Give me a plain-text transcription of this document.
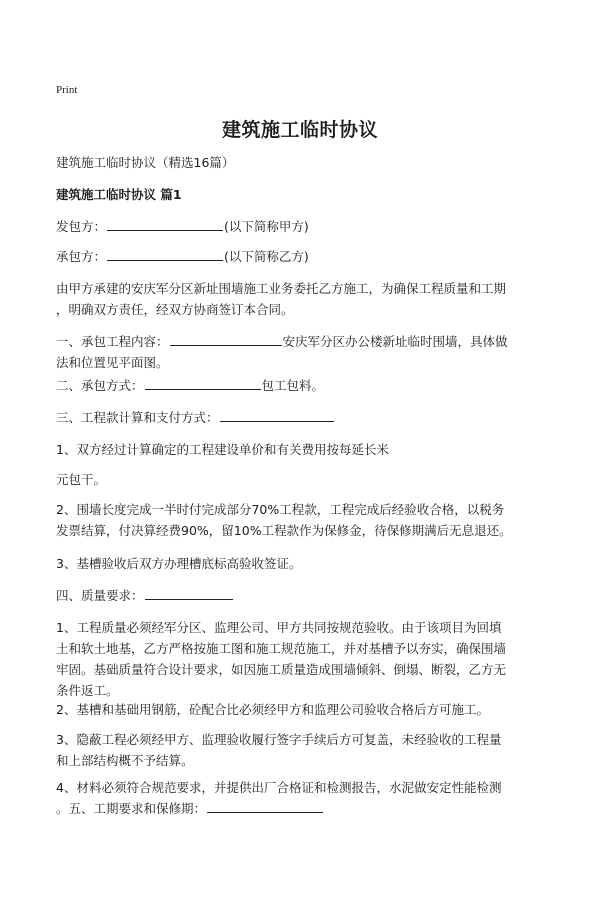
Print
建筑施工临时协议
建筑施工临时协议（精选16篇）
建筑施工临时协议 篇1
发包方：	(以下简称甲方)
承包方：	(以下简称乙方)
由甲方承建的安庆军分区新址围墙施工业务委托乙方施工，为确保工程质量和工期
，明确双方责任，经双方协商签订本合同。
一、承包工程内容：	安庆军分区办公楼新址临时围墙，具体做
法和位置见平面图。
二、承包方式：	包工包料。
三、工程款计算和支付方式：
1、双方经过计算确定的工程建设单价和有关费用按每延长米
元包干。
2、围墙长度完成一半时付完成部分70%工程款，工程完成后经验收合格，以税务
发票结算，付决算经费90%，留10%工程款作为保修金，待保修期满后无息退还。
3、基槽验收后双方办理槽底标高验收签证。
四、质量要求：
1、工程质量必须经军分区、监理公司、甲方共同按规范验收。由于该项目为回填
土和软土地基，乙方严格按施工图和施工规范施工，并对基槽予以夯实，确保围墙
牢固。基础质量符合设计要求，如因施工质量造成围墙倾斜、倒塌、断裂，乙方无
条件返工。
2、基槽和基础用钢筋，砼配合比必须经甲方和监理公司验收合格后方可施工。
3、隐蔽工程必须经甲方、监理验收履行签字手续后方可复盖，未经验收的工程量
和上部结构概不予结算。
4、材料必须符合规范要求，并提供出厂合格证和检测报告，水泥做安定性能检测
。五、工期要求和保修期：
